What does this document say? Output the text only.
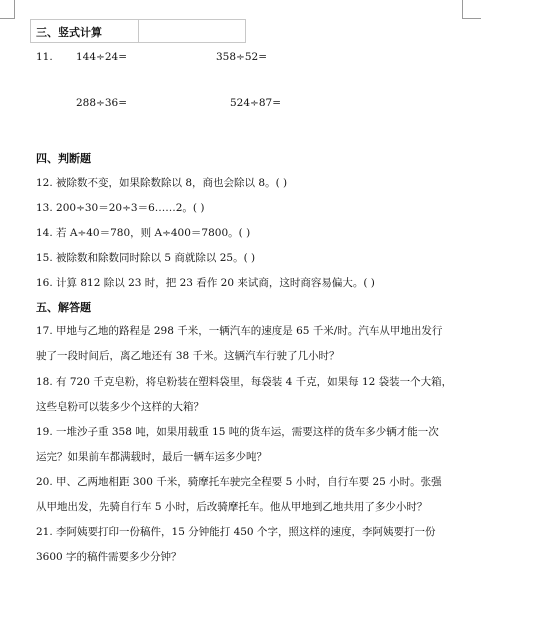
三、竖式计算
11. 144÷24=	358÷52=
288÷36=	524÷87=
四、判断题
12. 被除数不变，如果除数除以 8，商也会除以 8。( )
13. 200÷30＝20÷3＝6……2。( )
14. 若 A÷40＝780，则 A÷400＝7800。( )
15. 被除数和除数同时除以 5 商就除以 25。( )
16. 计算 812 除以 23 时，把 23 看作 20 来试商，这时商容易偏大。( )
五、解答题
17. 甲地与乙地的路程是 298 千米，一辆汽车的速度是 65 千米/时。汽车从甲地出发行
驶了一段时间后，离乙地还有 38 千米。这辆汽车行驶了几小时？
18. 有 720 千克皂粉，将皂粉装在塑料袋里，每袋装 4 千克，如果每 12 袋装一个大箱，
这些皂粉可以装多少个这样的大箱？
19. 一堆沙子重 358 吨，如果用载重 15 吨的货车运，需要这样的货车多少辆才能一次
运完？如果前车都满载时，最后一辆车运多少吨？
20. 甲、乙两地相距 300 千米，骑摩托车驶完全程要 5 小时，自行车要 25 小时。张强
从甲地出发，先骑自行车 5 小时，后改骑摩托车。他从甲地到乙地共用了多少小时？
21. 李阿姨要打印一份稿件，15 分钟能打 450 个字，照这样的速度，李阿姨要打一份
3600 字的稿件需要多少分钟？
